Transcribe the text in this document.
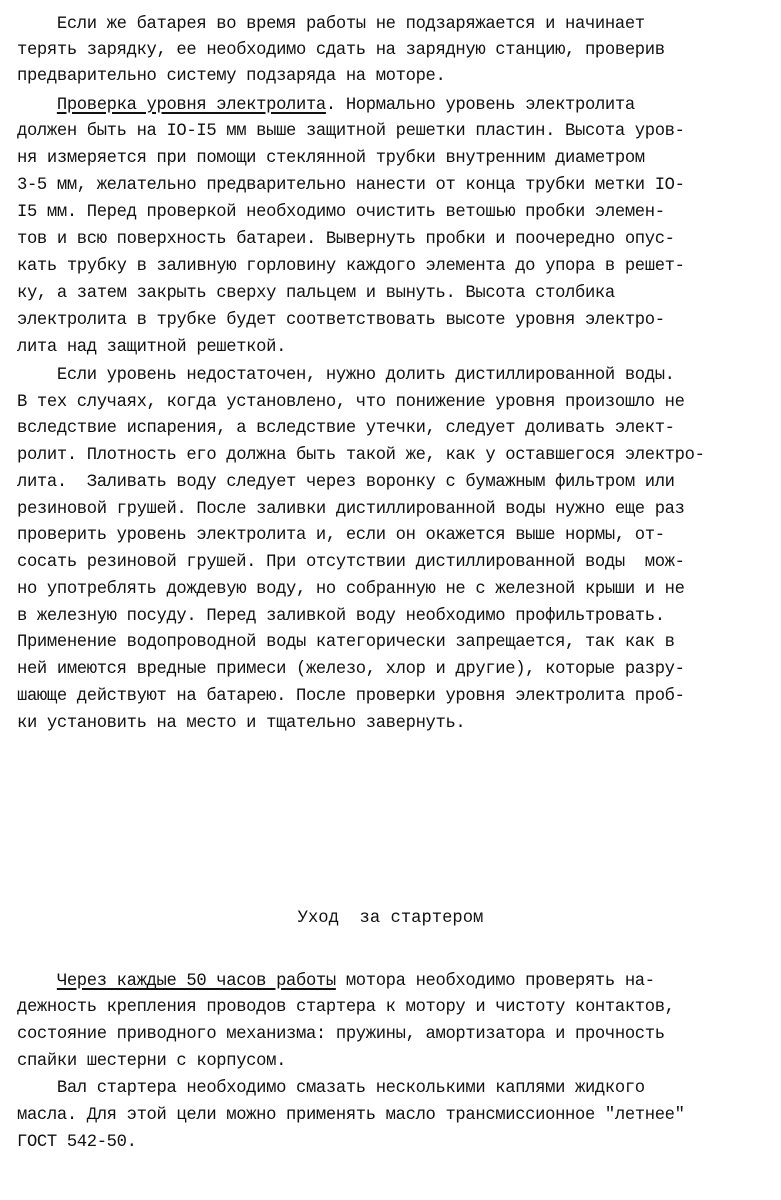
Если же батарея во время работы не подзаряжается и начинает
терять зарядку, ее необходимо сдать на зарядную станцию, проверив
предварительно систему подзаряда на моторе.
Проверка уровня электролита. Нормально уровень электролита
должен быть на IO-I5 мм выше защитной решетки пластин. Высота уров-
ня измеряется при помощи стеклянной трубки внутренним диаметром
3-5 мм, желательно предварительно нанести от конца трубки метки IO-
I5 мм. Перед проверкой необходимо очистить ветошью пробки элемен-
тов и всю поверхность батареи. Вывернуть пробки и поочередно опус-
кать трубку в заливную горловину каждого элемента до упора в решет-
ку, а затем закрыть сверху пальцем и вынуть. Высота столбика
электролита в трубке будет соответствовать высоте уровня электро-
лита над защитной решеткой.
Если уровень недостаточен, нужно долить дистиллированной воды.
В тех случаях, когда установлено, что понижение уровня произошло не
вследствие испарения, а вследствие утечки, следует доливать элект-
ролит. Плотность его должна быть такой же, как у оставшегося электро-
лита.  Заливать воду следует через воронку с бумажным фильтром или
резиновой грушей. После заливки дистиллированной воды нужно еще раз
проверить уровень электролита и, если он окажется выше нормы, от-
сосать резиновой грушей. При отсутствии дистиллированной воды  мож-
но употреблять дождевую воду, но собранную не с железной крыши и не
в железную посуду. Перед заливкой воду необходимо профильтровать.
Применение водопроводной воды категорически запрещается, так как в
ней имеются вредные примеси (железо, хлор и другие), которые разру-
шающе действуют на батарею. После проверки уровня электролита проб-
ки установить на место и тщательно завернуть.
Уход  за стартером
Через каждые 50 часов работы мотора необходимо проверять на-
дежность крепления проводов стартера к мотору и чистоту контактов,
состояние приводного механизма: пружины, амортизатора и прочность
спайки шестерни с корпусом.
Вал стартера необходимо смазать несколькими каплями жидкого
масла. Для этой цели можно применять масло трансмиссионное "летнее"
ГОСТ 542-50.
